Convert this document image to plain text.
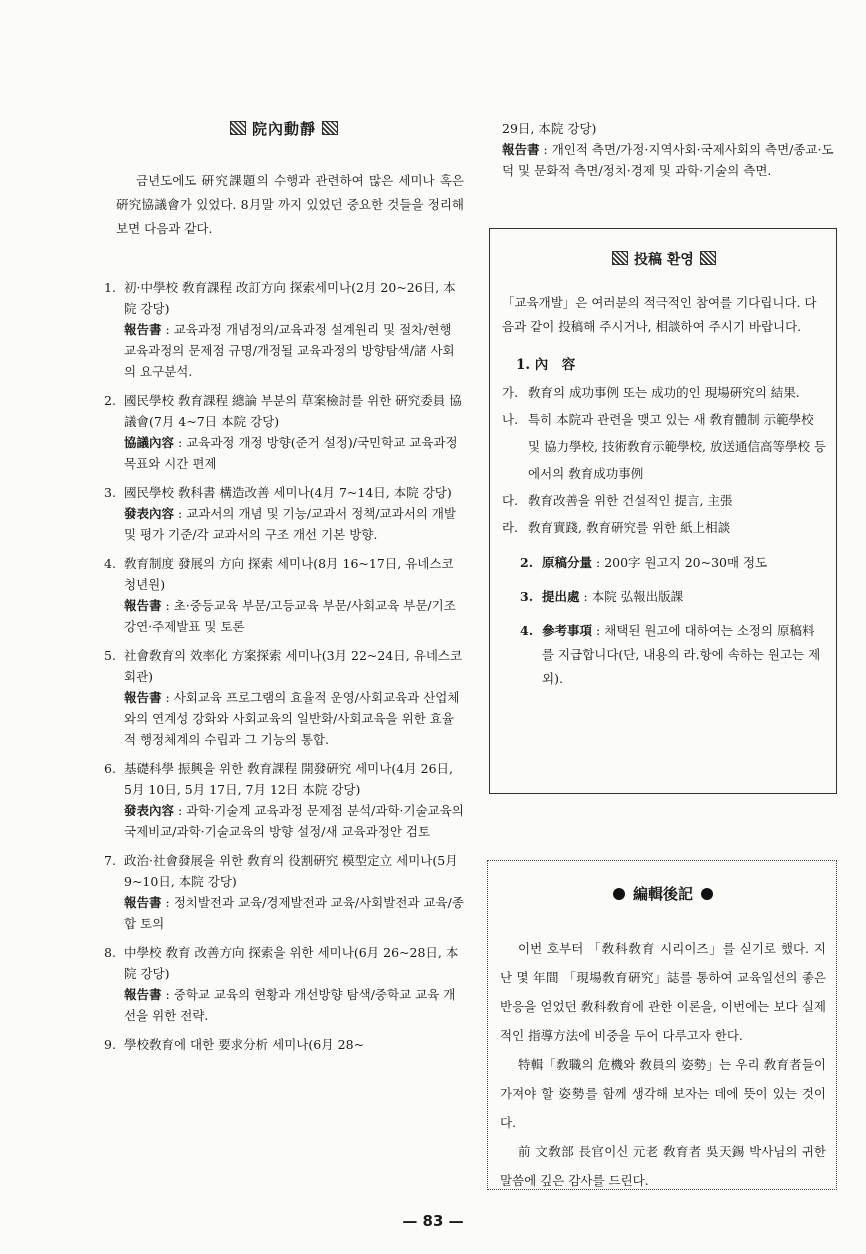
院內動靜

금년도에도 硏究課題의 수행과 관련하여 많은 세미나 혹은 硏究協議會가 있었다. 8月말 까지 있었던 중요한 것들을 정리해 보면 다음과 같다.

1. 初·中學校 敎育課程 改訂方向 探索세미나(2月 20~26日, 本院 강당)
報告書 : 교육과정 개념정의/교육과정 설계원리 및 절차/현행 교육과정의 문제점 규명/개정될 교육과정의 방향탐색/諸 사회의 요구분석.
2. 國民學校 敎育課程 總論 부분의 草案檢討를 위한 硏究委員 協議會(7月 4~7日 本院 강당)
協議內容 : 교육과정 개정 방향(준거 설정)/국민학교 교육과정 목표와 시간 편제
3. 國民學校 敎科書 構造改善 세미나(4月 7~14日, 本院 강당)
發表內容 : 교과서의 개념 및 기능/교과서 정책/교과서의 개발 및 평가 기준/각 교과서의 구조 개선 기본 방향.
4. 敎育制度 發展의 方向 探索 세미나(8月 16~17日, 유네스코 청년원)
報告書 : 초·중등교육 부문/고등교육 부문/사회교육 부문/기조 강연·주제발표 및 토론
5. 社會敎育의 效率化 方案探索 세미나(3月 22~24日, 유네스코회관)
報告書 : 사회교육 프로그램의 효율적 운영/사회교육과 산업체와의 연계성 강화와 사회교육의 일반화/사회교육을 위한 효율적 행정체계의 수립과 그 기능의 통합.
6. 基礎科學 振興을 위한 敎育課程 開發硏究 세미나(4月 26日, 5月 10日, 5月 17日, 7月 12日 本院 강당)
發表內容 : 과학·기술계 교육과정 문제점 분석/과학·기술교육의 국제비교/과학·기술교육의 방향 설정/새 교육과정안 검토
7. 政治·社會發展을 위한 敎育의 役割硏究 模型定立 세미나(5月 9~10日, 本院 강당)
報告書 : 정치발전과 교육/경제발전과 교육/사회발전과 교육/종합 토의
8. 中學校 敎育 改善方向 探索을 위한 세미나(6月 26~28日, 本院 강당)
報告書 : 중학교 교육의 현황과 개선방향 탐색/중학교 교육 개선을 위한 전략.
9. 學校敎育에 대한 要求分析 세미나(6月 28~
29日, 本院 강당)
報告書 : 개인적 측면/가정·지역사회·국제사회의 측면/종교·도덕 및 문화적 측면/정치·경제 및 과학·기술의 측면.
投稿 환영
「교육개발」은 여러분의 적극적인 참여를 기다립니다. 다음과 같이 投稿해 주시거나, 相談하여 주시기 바랍니다.
1. 內　容
가. 敎育의 成功事例 또는 成功的인 現場硏究의 結果.
나. 특히 本院과 관련을 맺고 있는 새 敎育體制 示範學校 및 協力學校, 技術敎育示範學校, 放送通信高等學校 등에서의 敎育成功事例
다. 敎育改善을 위한 건설적인 提言, 主張
라. 敎育實踐, 敎育硏究를 위한 紙上相談
2. 原稿分量 : 200字 원고지 20~30매 정도
3. 提出處 : 本院 弘報出版課
4. 參考事項 : 채택된 원고에 대하여는 소정의 原稿料를 지급합니다(단, 내용의 라.항에 속하는 원고는 제외).
編輯後記

이번 호부터 「敎科敎育 시리이즈」를 싣기로 했다. 지난 몇 年間 「現場敎育硏究」誌를 통하여 교육일선의 좋은 반응을 얻었던 敎科敎育에 관한 이론을, 이번에는 보다 실제적인 指導方法에 비중을 두어 다루고자 한다.

特輯「敎職의 危機와 敎員의 姿勢」는 우리 敎育者들이 가져야 할 姿勢를 함께 생각해 보자는 데에 뜻이 있는 것이다.

前 文敎部 長官이신 元老 敎育者 吳天錫 박사님의 귀한 말씀에 깊은 감사를 드린다.

— 83 —
